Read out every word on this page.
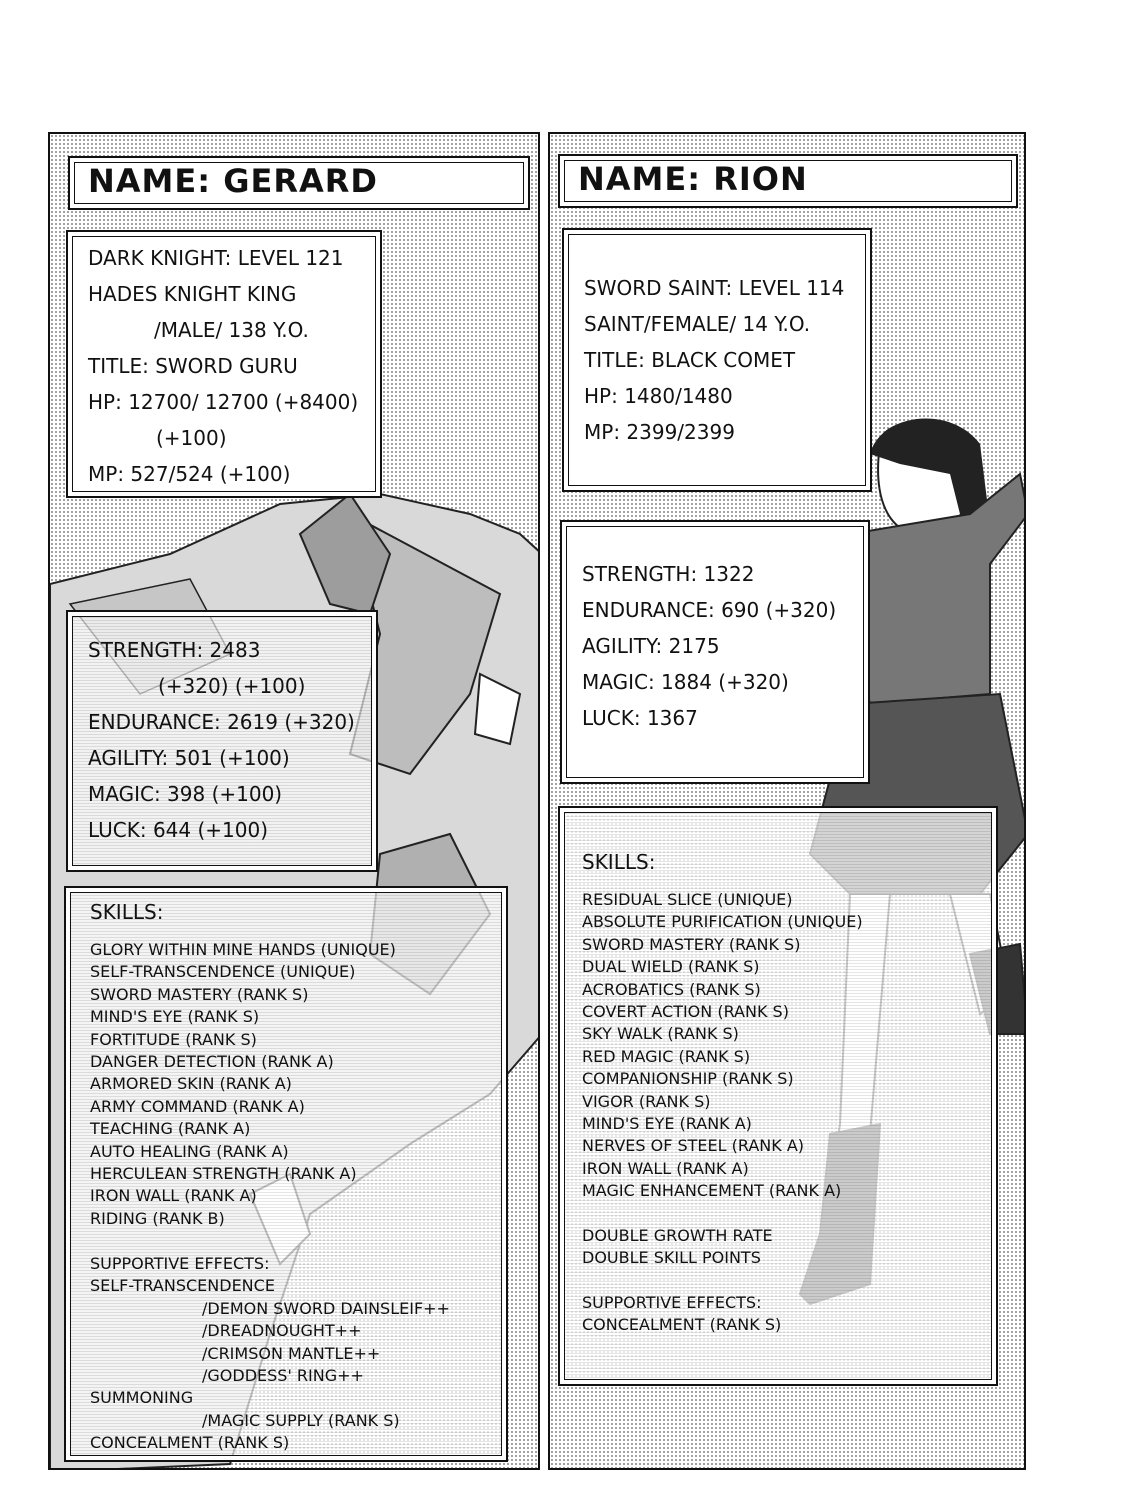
NAME: GERARD
DARK KNIGHT: LEVEL 121
HADES KNIGHT KING
/MALE/ 138 Y.O.
TITLE: SWORD GURU
HP: 12700/ 12700 (+8400)
(+100)
MP: 527/524 (+100)
STRENGTH: 2483
(+320) (+100)
ENDURANCE: 2619 (+320)
AGILITY: 501 (+100)
MAGIC: 398 (+100)
LUCK: 644 (+100)
SKILLS:
GLORY WITHIN MINE HANDS (UNIQUE)
SELF-TRANSCENDENCE (UNIQUE)
SWORD MASTERY (RANK S)
MIND'S EYE (RANK S)
FORTITUDE (RANK S)
DANGER DETECTION (RANK A)
ARMORED SKIN (RANK A)
ARMY COMMAND (RANK A)
TEACHING (RANK A)
AUTO HEALING (RANK A)
HERCULEAN STRENGTH (RANK A)
IRON WALL (RANK A)
RIDING (RANK B)
SUPPORTIVE EFFECTS:
SELF-TRANSCENDENCE
/DEMON SWORD DAINSLEIF++
/DREADNOUGHT++
/CRIMSON MANTLE++
/GODDESS' RING++
SUMMONING
/MAGIC SUPPLY (RANK S)
CONCEALMENT (RANK S)
NAME: RION
SWORD SAINT: LEVEL 114
SAINT/FEMALE/ 14 Y.O.
TITLE: BLACK COMET
HP: 1480/1480
MP: 2399/2399
STRENGTH: 1322
ENDURANCE: 690 (+320)
AGILITY: 2175
MAGIC: 1884 (+320)
LUCK: 1367
SKILLS:
RESIDUAL SLICE (UNIQUE)
ABSOLUTE PURIFICATION (UNIQUE)
SWORD MASTERY (RANK S)
DUAL WIELD (RANK S)
ACROBATICS (RANK S)
COVERT ACTION (RANK S)
SKY WALK (RANK S)
RED MAGIC (RANK S)
COMPANIONSHIP (RANK S)
VIGOR (RANK S)
MIND'S EYE (RANK A)
NERVES OF STEEL (RANK A)
IRON WALL (RANK A)
MAGIC ENHANCEMENT (RANK A)
DOUBLE GROWTH RATE
DOUBLE SKILL POINTS
SUPPORTIVE EFFECTS:
CONCEALMENT (RANK S)
